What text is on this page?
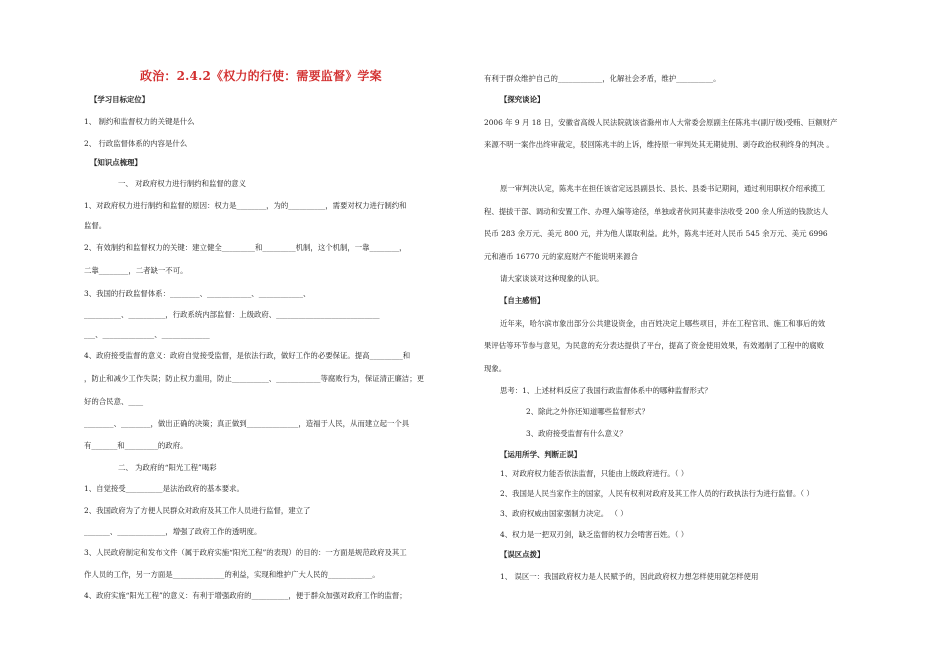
政治：2.4.2《权力的行使：需要监督》学案
【学习目标定位】
1、 制约和监督权力的关键是什么
2、 行政监督体系的内容是什么
【知识点梳理】
一、 对政府权力进行制约和监督的意义
1、对政府权力进行制约和监督的原因：权力是________，为的__________，需要对权力进行制约和
监督。
2、有效制约和监督权力的关键：建立健全_________和_________机制，这个机制，一靠________，
二靠________，二者缺一不可。
3、我国的行政监督体系：________、____________、____________、
__________、__________，行政系统内部监督：上级政府、____________________________
___、______________、_____________
4、政府接受监督的意义：政府自觉接受监督，是依法行政，做好工作的必要保证。提高_________和
，防止和减少工作失误；防止权力滥用，防止__________、____________等腐败行为，保证清正廉洁；更
好的合民意、____
________、________，做出正确的决策；真正做到______________，造福于人民，从而建立起一个具
有_______和_________的政府。
二、 为政府的“阳光工程”喝彩
1、自觉接受__________是法治政府的基本要求。
2、我国政府为了方便人民群众对政府及其工作人员进行监督，建立了
_______、_____________，增强了政府工作的透明度。
3、人民政府制定和发布文件（属于政府实施“阳光工程”的表现）的目的：一方面是规范政府及其工
作人员的工作，另一方面是______________的利益，实现和维护广大人民的____________。
4、政府实施“阳光工程”的意义：有利于增强政府的__________，便于群众加强对政府工作的监督；
有利于群众维护自己的____________，化解社会矛盾，维护__________。
【探究谈论】
2006 年 9 月 18 日，安徽省高级人民法院就该省滁州市人大常委会原副主任陈兆丰(副厅级)受贿、巨额财产
来源不明一案作出终审裁定，驳回陈兆丰的上诉，维持原一审判处其无期徒刑、剥夺政治权利终身的判决 。
原一审判决认定，陈兆丰在担任该省定远县副县长、县长、县委书记期间，通过利用职权介绍承揽工
程、提拔干部、调动和安置工作、办理入编等途径，单独或者伙同其妻非法收受 200 余人所送的钱款达人
民币 283 余万元、美元 800 元，并为他人谋取利益。此外，陈兆丰还对人民币 545 余万元、美元 6996
元和港币 16770 元的家庭财产不能说明来源合
请大家谈谈对这种现象的认识。
【自主感悟】
近年来，哈尔滨市象出部分公共建设资金，由百姓决定上哪些项目，并在工程官讯、施工和事后的效
果评估等环节参与意见，为民意的充分表达提供了平台，提高了资金使用效果，有效遏制了工程中的腐败
现象。
思考：1、上述材料反应了我国行政监督体系中的哪种监督形式？
2、除此之外你还知道哪些监督形式？
3、政府接受监督有什么意义？
【运用所学、判断正误】
1、对政府权力能否依法监督，只能由上级政府进行。（ ）
2、我国是人民当家作主的国家，人民有权利对政府及其工作人员的行政执法行为进行监督。（ ）
3、政府权威由国家强制力决定。 （ ）
4、权力是一把双刃剑，缺乏监督的权力会啃害百姓。（ ）
【误区点拨】
1、 误区一：我国政府权力是人民赋予的，因此政府权力想怎样使用就怎样使用
